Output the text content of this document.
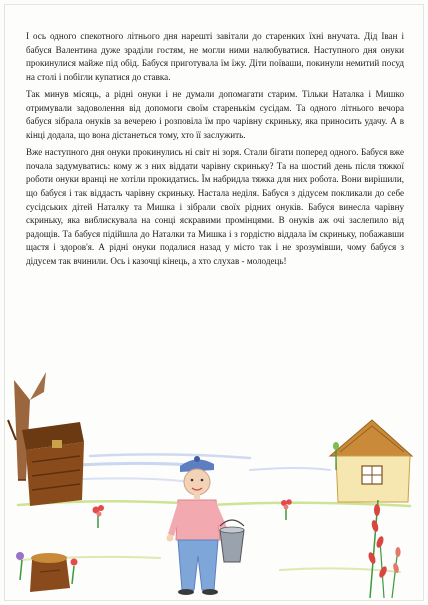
І ось одного спекотного літнього дня нарешті завітали до старенких їхні внучата. Дід Іван і бабуся Валентина дуже зраділи гостям, не могли ними налюбуватися. Наступного дня онуки прокинулися майже під обід. Бабуся приготувала їм їжу. Діти поїваши, покинули немитий посуд на столі і побігли купатися до ставка.

Так минув місяць, а рідні онуки і не думали допомагати старим. Тільки Наталка і Мишко отримували задоволення від допомоги своїм старенькім сусідам. Та одного літнього вечора бабуся зібрала онуків за вечерею і розповіла їм про чарівну скриньку, яка приносить удачу. А в кінці додала, що вона дістанеться тому, хто її заслужить.

Вже наступного дня онуки прокинулись ні світ ні зоря. Стали бігати поперед одного. Бабуся вже почала задумуватись: кому ж з них віддати чарівну скриньку? Та на шостий день після тяжкої роботи онуки вранці не хотіли прокидатись. Їм набридла тяжка для них робота. Вони вирішили, що бабуся і так віддасть чарівну скриньку. Настала неділя. Бабуся з дідусем покликали до себе сусідських дітей Наталку та Мишка і зібрали своїх рідних онуків. Бабуся винесла чарівну скриньку, яка виблискувала на сонці яскравими промінцями. В онуків аж очі заслепило від радощів. Та бабуся підійшла до Наталки та Мишка і з гордістю віддала їм скриньку, побажавши щастя і здоров'я. А рідні онуки подалися назад у місто так і не зрозумівши, чому бабуся з дідусем так вчинили. Ось і казочці кінець, а хто слухав - молодець!
